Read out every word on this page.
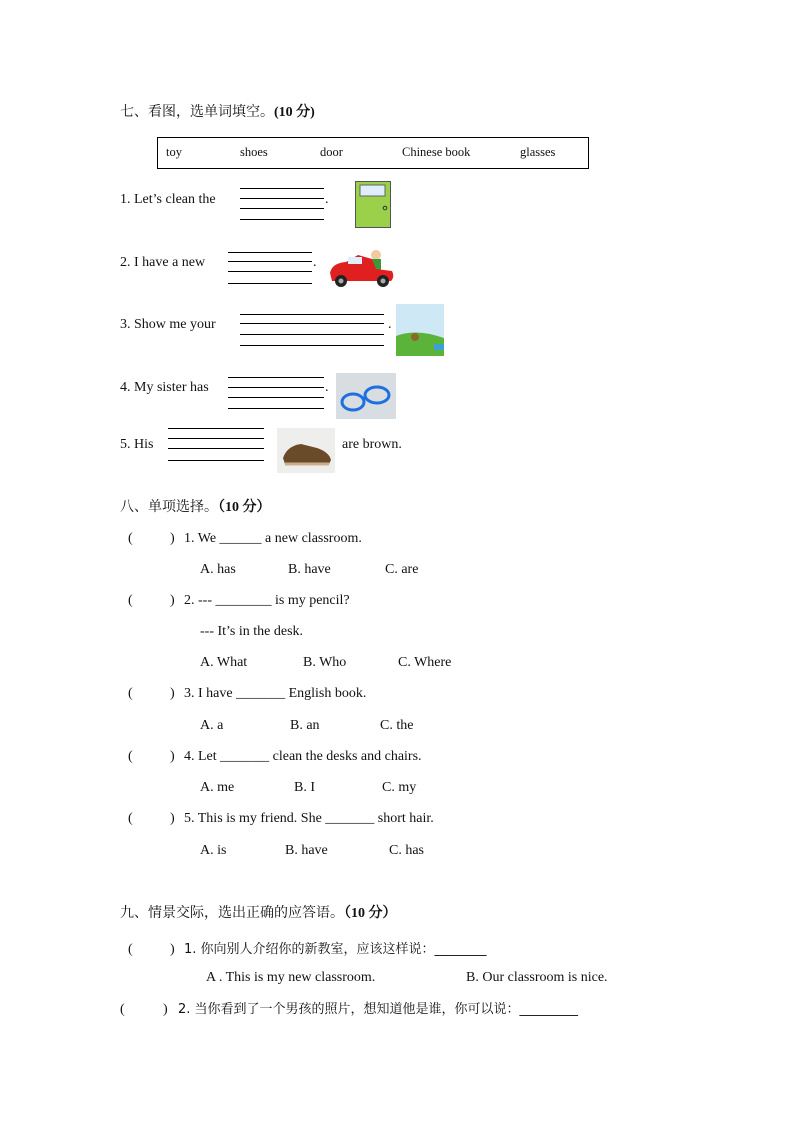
七、看图，选单词填空。(10 分)
toy	shoes	door	Chinese book	glasses
1. Let’s clean the	.
2. I have a new	.
3. Show me your	.
4. My sister has	.
5. His	are brown.
八、单项选择。（10 分）
(	) 1. We ______ a new classroom.
A. has	B. have	C. are
(	) 2. --- ________ is my pencil?
--- It’s in the desk.
A. What	B. Who	C. Where
(	) 3. I have _______ English book.
A. a	B. an	C. the
(	) 4. Let _______ clean the desks and chairs.
A. me	B. I	C. my
(	) 5. This is my friend. She _______ short hair.
A. is	B. have	C. has
九、情景交际，选出正确的应答语。（10 分）
(	) 1. 你向别人介绍你的新教室，应该这样说：________
A . This is my new classroom.	B. Our classroom is nice.
(	) 2. 当你看到了一个男孩的照片，想知道他是谁，你可以说：_________
